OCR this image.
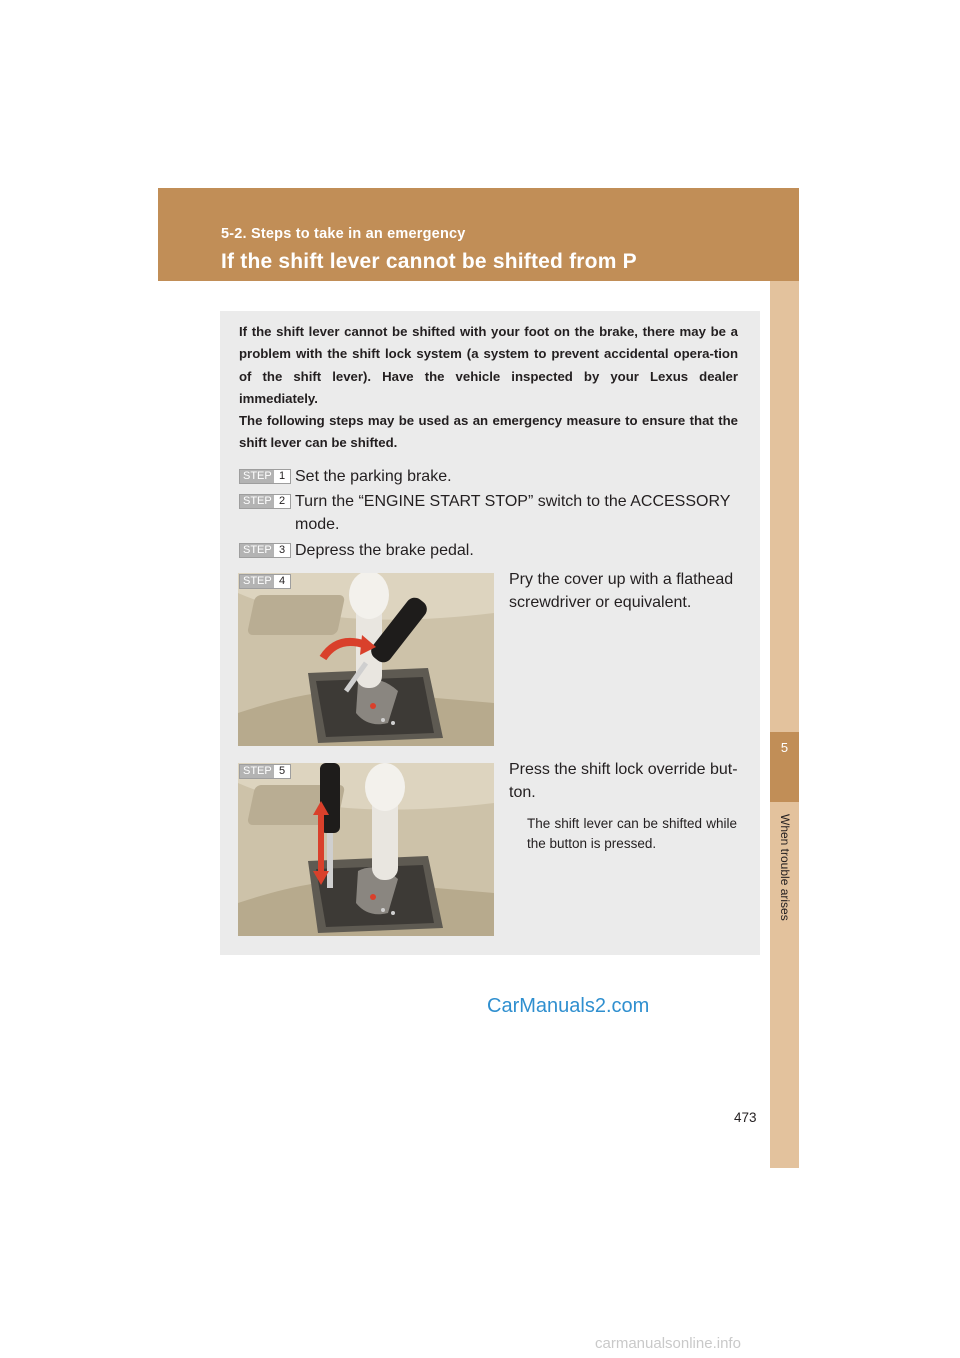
5-2. Steps to take in an emergency
If the shift lever cannot be shifted from P
5
When trouble arises

If the shift lever cannot be shifted with your foot on the brake, there may be a problem with the shift lock system (a system to prevent accidental opera-tion of the shift lever). Have the vehicle inspected by your Lexus dealer immediately.

The following steps may be used as an emergency measure to ensure that the shift lever can be shifted.

STEP 1 Set the parking brake.
STEP 2 Turn the “ENGINE START STOP” switch to the ACCESSORY mode.
STEP 3 Depress the brake pedal.
STEP 4	Pry the cover up with a flathead screwdriver or equivalent.
STEP 5	Press the shift lock override but-ton.
The shift lever can be shifted while the button is pressed.
CarManuals2.com
473
carmanualsonline.info
